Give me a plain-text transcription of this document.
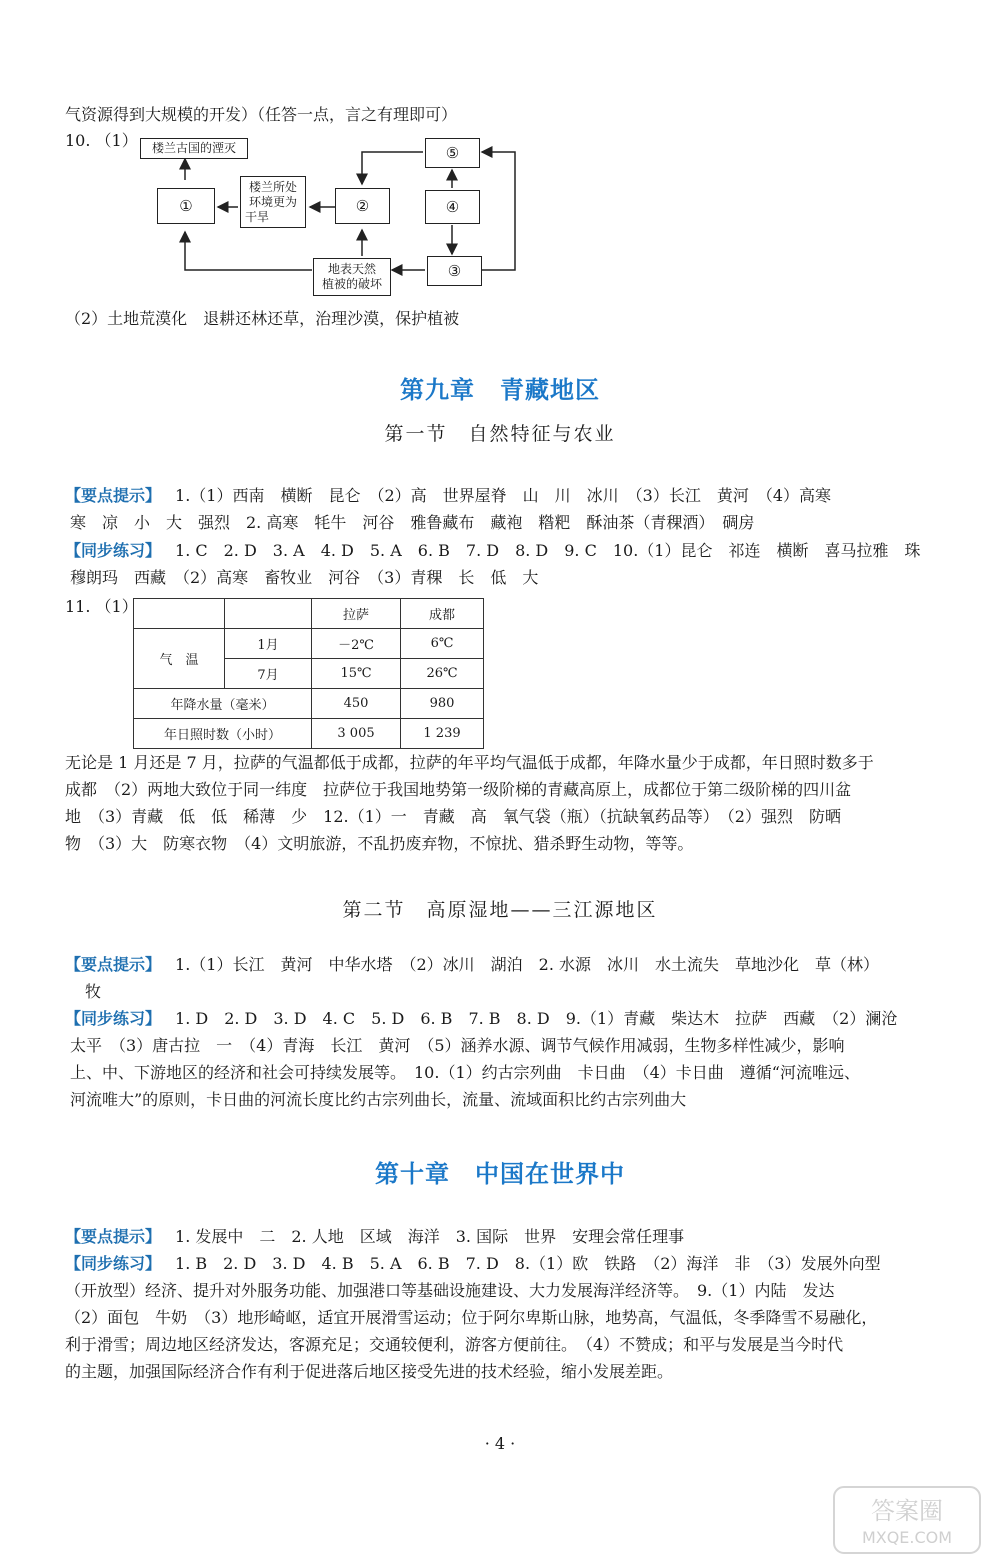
气资源得到大规模的开发）（任答一点，言之有理即可）
10. （1） 楼兰古国的湮灭
①
楼兰所处
环境更为
干旱
②
⑤
④
③
地表天然
植被的破坏
（2）土地荒漠化　退耕还林还草，治理沙漠，保护植被
第九章　青藏地区
第一节　自然特征与农业
【要点提示】 1.（1）西南　横断　昆仑　（2）高　世界屋脊　山　川　冰川　（3）长江　黄河　（4）高寒
寒　凉　小　大　强烈　2. 高寒　牦牛　河谷　雅鲁藏布　藏袍　糌粑　酥油茶（青稞酒）　碉房
【同步练习】 1. C　2. D　3. A　4. D　5. A　6. B　7. D　8. D　9. C　10.（1）昆仑　祁连　横断　喜马拉雅　珠
穆朗玛　西藏　（2）高寒　畜牧业　河谷　（3）青稞　长　低　大
11. （1）
			拉萨	成都
气　温	1月	－2℃	6℃
	7月	15℃	26℃
年降水量（毫米）		450	980
年日照时数（小时）		3 005	1 239
无论是 1 月还是 7 月，拉萨的气温都低于成都，拉萨的年平均气温低于成都，年降水量少于成都，年日照时数多于
成都　（2）两地大致位于同一纬度　拉萨位于我国地势第一级阶梯的青藏高原上，成都位于第二级阶梯的四川盆
地　（3）青藏　低　低　稀薄　少　12.（1）一　青藏　高　氧气袋（瓶）（抗缺氧药品等）　（2）强烈　防晒
物　（3）大　防寒衣物　（4）文明旅游，不乱扔废弃物，不惊扰、猎杀野生动物，等等。
第二节　高原湿地——三江源地区
【要点提示】 1.（1）长江　黄河　中华水塔　（2）冰川　湖泊　2. 水源　冰川　水土流失　草地沙化　草（林）
牧
【同步练习】 1. D　2. D　3. D　4. C　5. D　6. B　7. B　8. D　9.（1）青藏　柴达木　拉萨　西藏　（2）澜沧
太平　（3）唐古拉　一　（4）青海　长江　黄河　（5）涵养水源、调节气候作用减弱，生物多样性减少，影响
上、中、下游地区的经济和社会可持续发展等。　10.（1）约古宗列曲　卡日曲　（4）卡日曲　遵循“河流唯远、
河流唯大”的原则，卡日曲的河流长度比约古宗列曲长，流量、流域面积比约古宗列曲大
第十章　中国在世界中
【要点提示】 1. 发展中　二　2. 人地　区域　海洋　3. 国际　世界　安理会常任理事
【同步练习】 1. B　2. D　3. D　4. B　5. A　6. B　7. D　8.（1）欧　铁路　（2）海洋　非　（3）发展外向型
（开放型）经济、提升对外服务功能、加强港口等基础设施建设、大力发展海洋经济等。　9.（1）内陆　发达
（2）面包　牛奶　（3）地形崎岖，适宜开展滑雪运动；位于阿尔卑斯山脉，地势高，气温低，冬季降雪不易融化，
利于滑雪；周边地区经济发达，客源充足；交通较便利，游客方便前往。　（4）不赞成；和平与发展是当今时代
的主题，加强国际经济合作有利于促进落后地区接受先进的技术经验，缩小发展差距。
· 4 ·
答案圈
MXQE.COM
